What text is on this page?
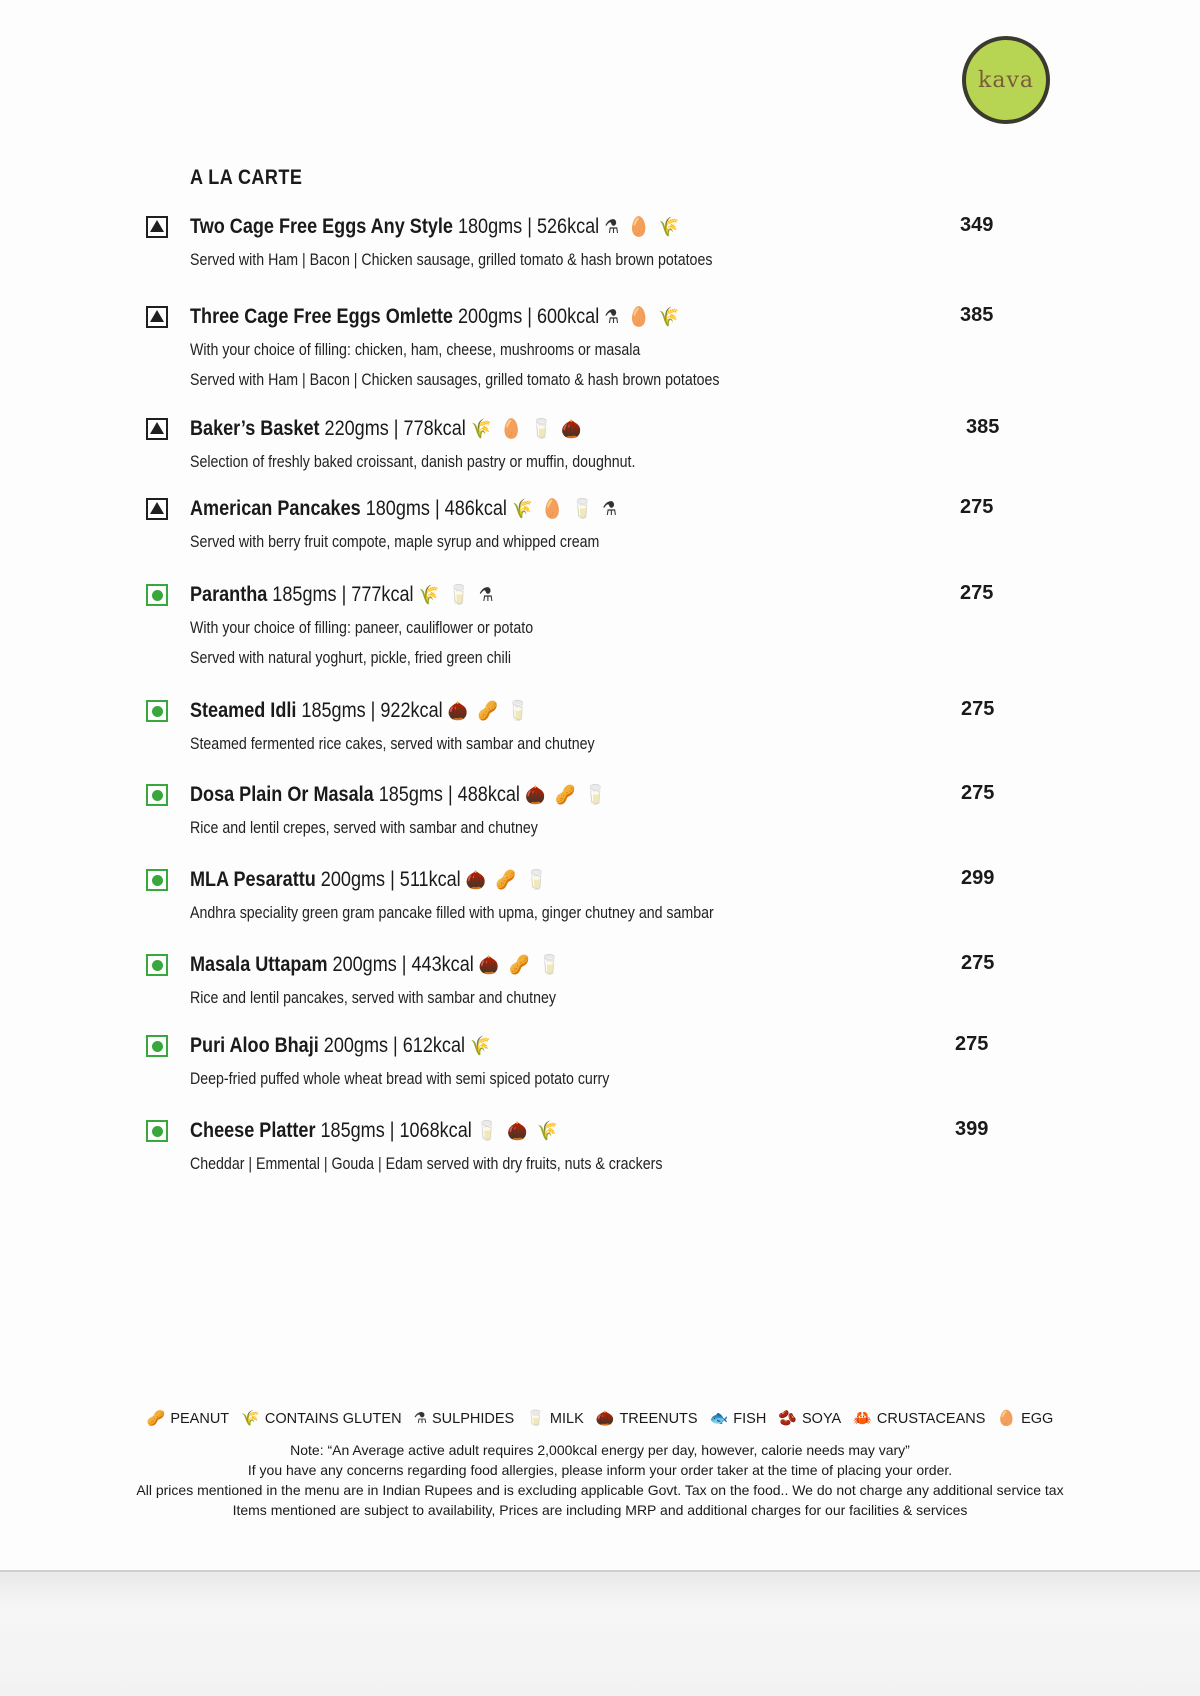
kava
A LA CARTE
Two Cage Free Eggs Any Style 180gms | 526kcal ⚗ 🥚 🌾
Served with Ham | Bacon | Chicken sausage, grilled tomato & hash brown potatoes
349
Three Cage Free Eggs Omlette 200gms | 600kcal ⚗ 🥚 🌾
With your choice of filling: chicken, ham, cheese, mushrooms or masala
Served with Ham | Bacon | Chicken sausages, grilled tomato & hash brown potatoes
385
Baker’s Basket 220gms | 778kcal 🌾 🥚 🥛 🌰
Selection of freshly baked croissant, danish pastry or muffin, doughnut.
385
American Pancakes 180gms | 486kcal 🌾 🥚 🥛 ⚗
Served with berry fruit compote, maple syrup and whipped cream
275
Parantha 185gms | 777kcal 🌾 🥛 ⚗
With your choice of filling: paneer, cauliflower or potato
Served with natural yoghurt, pickle, fried green chili
275
Steamed Idli 185gms | 922kcal 🌰 🥜 🥛
Steamed fermented rice cakes, served with sambar and chutney
275
Dosa Plain Or Masala 185gms | 488kcal 🌰 🥜 🥛
Rice and lentil crepes, served with sambar and chutney
275
MLA Pesarattu 200gms | 511kcal 🌰 🥜 🥛
Andhra speciality green gram pancake filled with upma, ginger chutney and sambar
299
Masala Uttapam 200gms | 443kcal 🌰 🥜 🥛
Rice and lentil pancakes, served with sambar and chutney
275
Puri Aloo Bhaji 200gms | 612kcal 🌾
Deep-fried puffed whole wheat bread with semi spiced potato curry
275
Cheese Platter 185gms | 1068kcal 🥛 🌰 🌾
Cheddar | Emmental | Gouda | Edam served with dry fruits, nuts & crackers
399
🥜 PEANUT 🌾 CONTAINS GLUTEN ⚗ SULPHIDES 🥛 MILK 🌰 TREENUTS 🐟 FISH 🫘 SOYA 🦀 CRUSTACEANS 🥚 EGG
Note: “An Average active adult requires 2,000kcal energy per day, however, calorie needs may vary”
If you have any concerns regarding food allergies, please inform your order taker at the time of placing your order.
All prices mentioned in the menu are in Indian Rupees and is excluding applicable Govt. Tax on the food.. We do not charge any additional service tax
Items mentioned are subject to availability, Prices are including MRP and additional charges for our facilities & services
